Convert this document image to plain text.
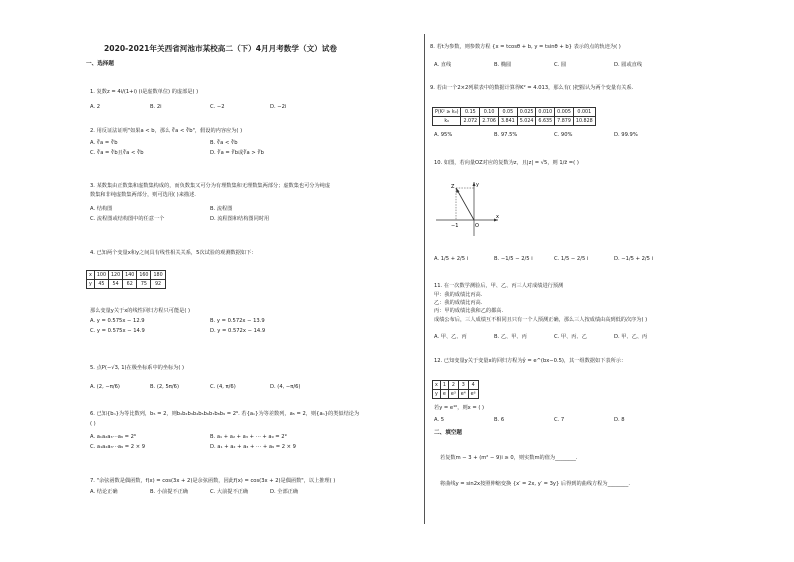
2020-2021年关西省河池市某校高二（下）4月月考数学（文）试卷
一、选择题
1. 复数z = 4i/(1+i) (i是虚数单位) 的虚部是( )
A. 2	B. 2i	C. −2	D. −2i
2. 用反证法证明"如果a < b，那么 ∛a < ∛b"，假设的内容应为( )
A. ∛a = ∛b	B. ∛a < ∛b
C. ∛a = ∛b且∛a < ∛b	D. ∛a = ∛b或∛a > ∛b
3. 某数集由正数集和虚数集构成的，而负数集又可分为有理数集和无理数集两部分；虚数集也可分为纯虚
数集和非纯虚数集两部分，则可选用( )来描述.
A. 结构图	B. 流程图
C. 流程图或结构图中的任意一个	D. 流程图和结构图同时用
4. 已知两个变量x和y之间具有线性相关关系，5次试验的观测数据如下：
x	100	120	140	160	180
y	45	54	62	75	92
那么变量y关于x的线性回归方程只可能是( )
A. y = 0.575x − 12.9	B. y = 0.572x − 13.9
C. y = 0.575x − 14.9	D. y = 0.572x − 14.9
5. 点P(−√3, 1)在极坐标系中的坐标为( )
A. (2, −π/6)	B. (2, 5π/6)	C. (4, π/6)	D. (4, −π/6)
6. 已知{bₙ}为等比数列，b₅ = 2，则b₁b₂b₃b₄b₅b₆b₇b₈b₉ = 2⁹. 若{aₙ}为等差数列，a₅ = 2，则{aₙ}的类似结论为
( )
A. a₁a₂a₃⋯a₉ = 2⁹	B. a₁ + a₂ + a₃ + ⋯ + a₉ = 2⁹
C. a₁a₂a₃⋯a₉ = 2 × 9	D. a₁ + a₂ + a₃ + ⋯ + a₉ = 2 × 9
7. "余弦函数是偶函数，f(x) = cos(3x + 2)是余弦函数，因此f(x) = cos(3x + 2)是偶函数"，以上推理( )
A. 结论正确	B. 小前提不正确	C. 大前提不正确	D. 全部正确
8. 若t为参数，则参数方程 {x = tcosθ + b, y = tsinθ + b} 表示的点的轨迹为( )
A. 直线	B. 椭圆	C. 圆	D. 圆或直线
9. 若由一个2×2列联表中的数据计算得K² = 4.013，那么有( )把握认为两个变量有关系.
P(K² ≥ k₀)	0.15	0.10	0.05	0.025	0.010	0.005	0.001
k₀	2.072	2.706	3.841	5.024	6.635	7.879	10.828
A. 95%	B. 97.5%	C. 90%	D. 99.9%
10. 如图，若向量OZ对应的复数为z，且|z| = √5，则 1/z̄ =( )
y
x
Z
O
−1
A. 1/5 + 2/5 i	B. −1/5 − 2/5 i	C. 1/5 − 2/5 i	D. −1/5 + 2/5 i
11. 在一次数学测验后，甲、乙、丙三人对成绩进行预测
甲：我的成绩比丙高.
乙：我的成绩比丙高.
丙：甲的成绩比我和乙的都高.
成绩公布后，三人成绩互不相同且只有一个人预测正确，那么三人按成绩由高到低的次序为( )
A. 甲、乙、丙	B. 乙、甲、丙	C. 甲、丙、乙	D. 甲、乙、丙
12. 已知变量y关于变量x的回归方程为ŷ = e^(bx−0.5)，其一组数据如下表所示：
x	1	2	3	4
y	e	e³	e⁴	e⁶
若y = e¹⁰，则x = ( )
A. 5	B. 6	C. 7	D. 8
二、填空题
若复数m − 3 + (m² − 9)i ≥ 0，则实数m的值为________.
将曲线y = sin2x按照伸缩变换 {x′ = 2x, y′ = 3y} 后得到的曲线方程为________.
